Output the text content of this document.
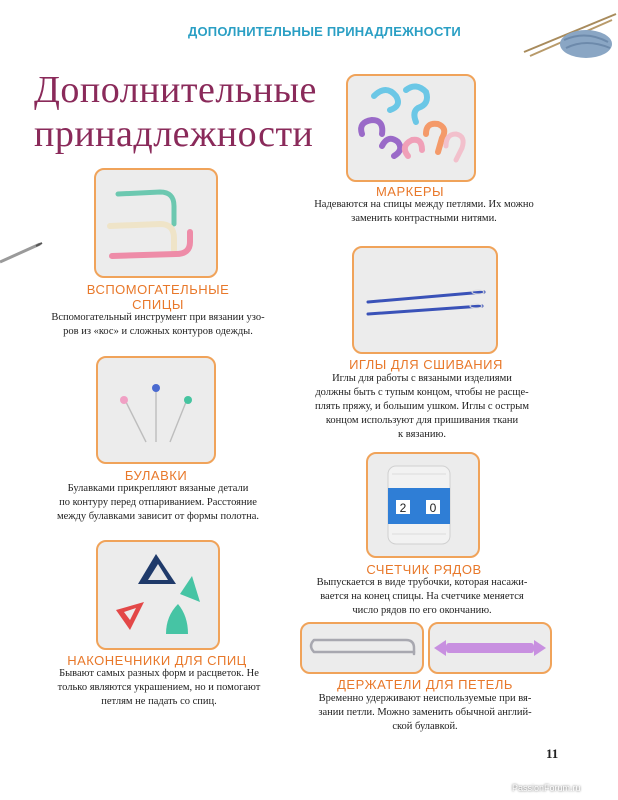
ДОПОЛНИТЕЛЬНЫЕ ПРИНАДЛЕЖНОСТИ
Дополнительные
принадлежности
МАРКЕРЫ
Надеваются на спицы между петлями. Их можно
заменить контрастными нитями.
ВСПОМОГАТЕЛЬНЫЕ
СПИЦЫ
Вспомогательный инструмент при вязании узо-
ров из «кос» и сложных контуров одежды.
ИГЛЫ ДЛЯ СШИВАНИЯ
Иглы для работы с вязаными изделиями
должны быть с тупым концом, чтобы не расще-
плять пряжу, и большим ушком. Иглы с острым
концом используют для пришивания ткани
к вязанию.
БУЛАВКИ
Булавками прикрепляют вязаные детали
по контуру перед отпариванием. Расстояние
между булавками зависит от формы полотна.
2 0
СЧЕТЧИК РЯДОВ
Выпускается в виде трубочки, которая насажи-
вается на конец спицы. На счетчике меняется
число рядов по его окончанию.
НАКОНЕЧНИКИ ДЛЯ СПИЦ
Бывают самых разных форм и расцветок. Не
только являются украшением, но и помогают
петлям не падать со спиц.
ДЕРЖАТЕЛИ ДЛЯ ПЕТЕЛЬ
Временно удерживают неиспользуемые при вя-
зании петли. Можно заменить обычной англий-
ской булавкой.
11
PassionForum.ru
